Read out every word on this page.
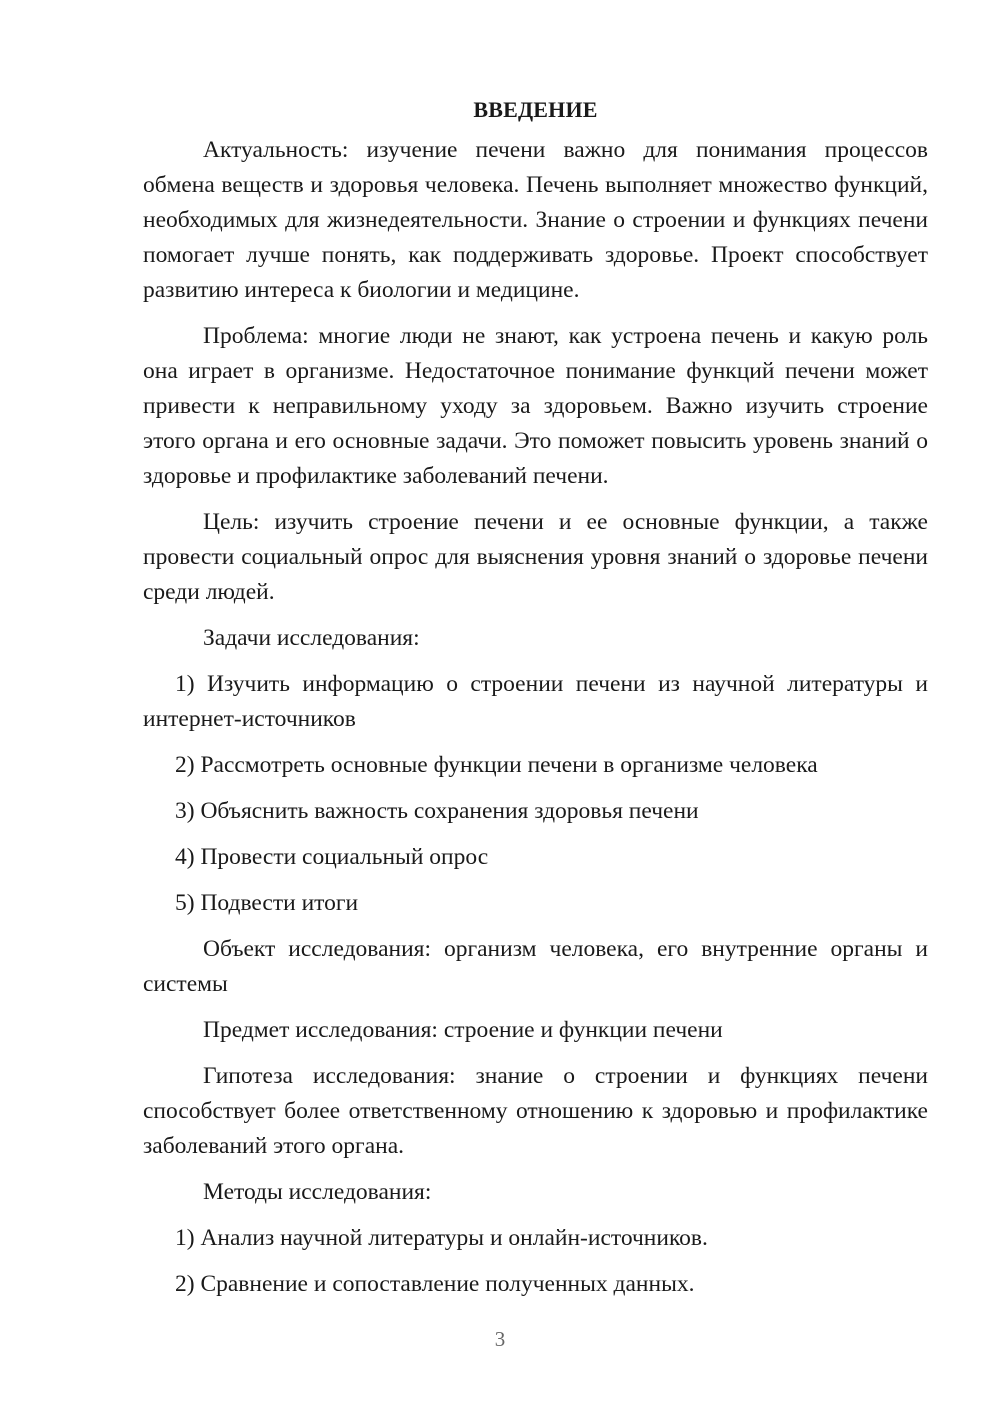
ВВЕДЕНИЕ

Актуальность: изучение печени важно для понимания процессов обмена веществ и здоровья человека. Печень выполняет множество функций, необходимых для жизнедеятельности. Знание о строении и функциях печени помогает лучше понять, как поддерживать здоровье. Проект способствует развитию интереса к биологии и медицине.

Проблема: многие люди не знают, как устроена печень и какую роль она играет в организме. Недостаточное понимание функций печени может привести к неправильному уходу за здоровьем. Важно изучить строение этого органа и его основные задачи. Это поможет повысить уровень знаний о здоровье и профилактике заболеваний печени.

Цель: изучить строение печени и ее основные функции, а также провести социальный опрос для выяснения уровня знаний о здоровье печени среди людей.

Задачи исследования:

1) Изучить информацию о строении печени из научной литературы и интернет-источников

2) Рассмотреть основные функции печени в организме человека

3) Объяснить важность сохранения здоровья печени

4) Провести социальный опрос

5) Подвести итоги

Объект исследования: организм человека, его внутренние органы и системы

Предмет исследования: строение и функции печени

Гипотеза исследования: знание о строении и функциях печени способствует более ответственному отношению к здоровью и профилактике заболеваний этого органа.

Методы исследования:

1) Анализ научной литературы и онлайн-источников.

2) Сравнение и сопоставление полученных данных.

3
